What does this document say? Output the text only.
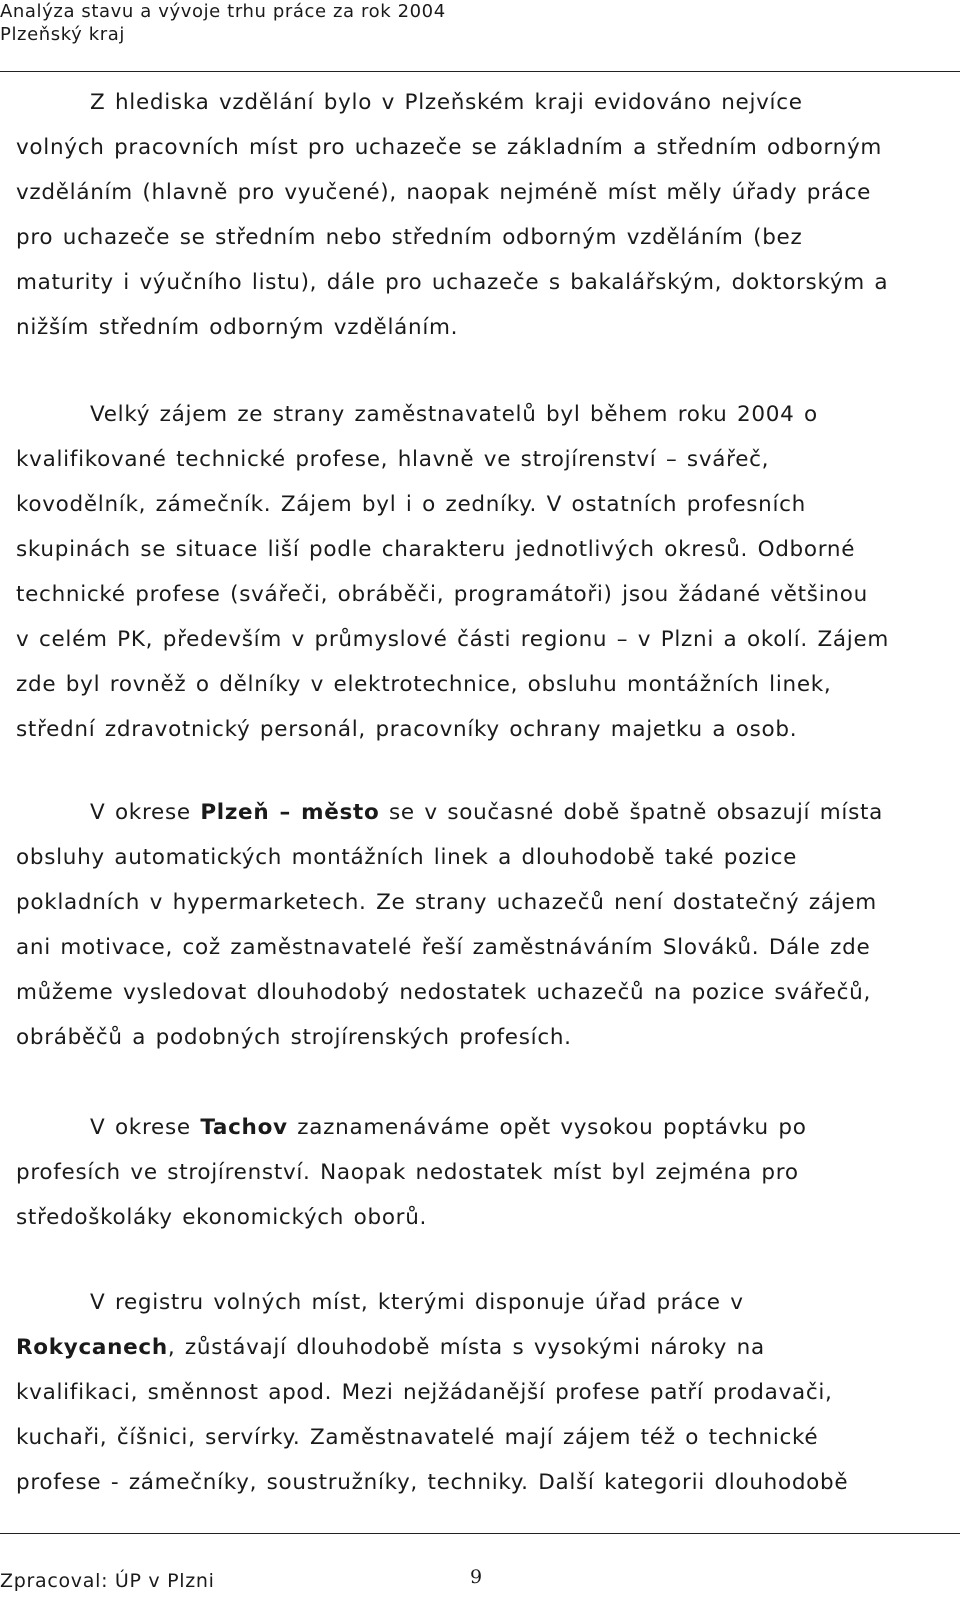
Analýza stavu a vývoje trhu práce za rok 2004
Plzeňský kraj

Z hlediska vzdělání bylo v Plzeňském kraji evidováno nejvíce
volných pracovních míst pro uchazeče se základním a středním odborným
vzděláním (hlavně pro vyučené), naopak nejméně míst měly úřady práce
pro uchazeče se středním nebo středním odborným vzděláním (bez
maturity i výučního listu), dále pro uchazeče s bakalářským, doktorským a
nižším středním odborným vzděláním.

Velký zájem ze strany zaměstnavatelů byl během roku 2004 o
kvalifikované technické profese, hlavně ve strojírenství – svářeč,
kovodělník, zámečník. Zájem byl i o zedníky. V ostatních profesních
skupinách se situace liší podle charakteru jednotlivých okresů. Odborné
technické profese (svářeči, obráběči, programátoři) jsou žádané většinou
v celém PK, především v průmyslové části regionu – v Plzni a okolí. Zájem
zde byl rovněž o dělníky v elektrotechnice, obsluhu montážních linek,
střední zdravotnický personál, pracovníky ochrany majetku a osob.

V okrese Plzeň – město se v současné době špatně obsazují místa
obsluhy automatických montážních linek a dlouhodobě také pozice
pokladních v hypermarketech. Ze strany uchazečů není dostatečný zájem
ani motivace, což zaměstnavatelé řeší zaměstnáváním Slováků. Dále zde
můžeme vysledovat dlouhodobý nedostatek uchazečů na pozice svářečů,
obráběčů a podobných strojírenských profesích.

V okrese Tachov zaznamenáváme opět vysokou poptávku po
profesích ve strojírenství. Naopak nedostatek míst byl zejména pro
středoškoláky ekonomických oborů.

V registru volných míst, kterými disponuje úřad práce v
Rokycanech, zůstávají dlouhodobě místa s vysokými nároky na
kvalifikaci, směnnost apod. Mezi nejžádanější profese patří prodavači,
kuchaři, číšnici, servírky. Zaměstnavatelé mají zájem též o technické
profese - zámečníky, soustružníky, techniky. Další kategorii dlouhodobě

Zpracoval: ÚP v Plzni	9
